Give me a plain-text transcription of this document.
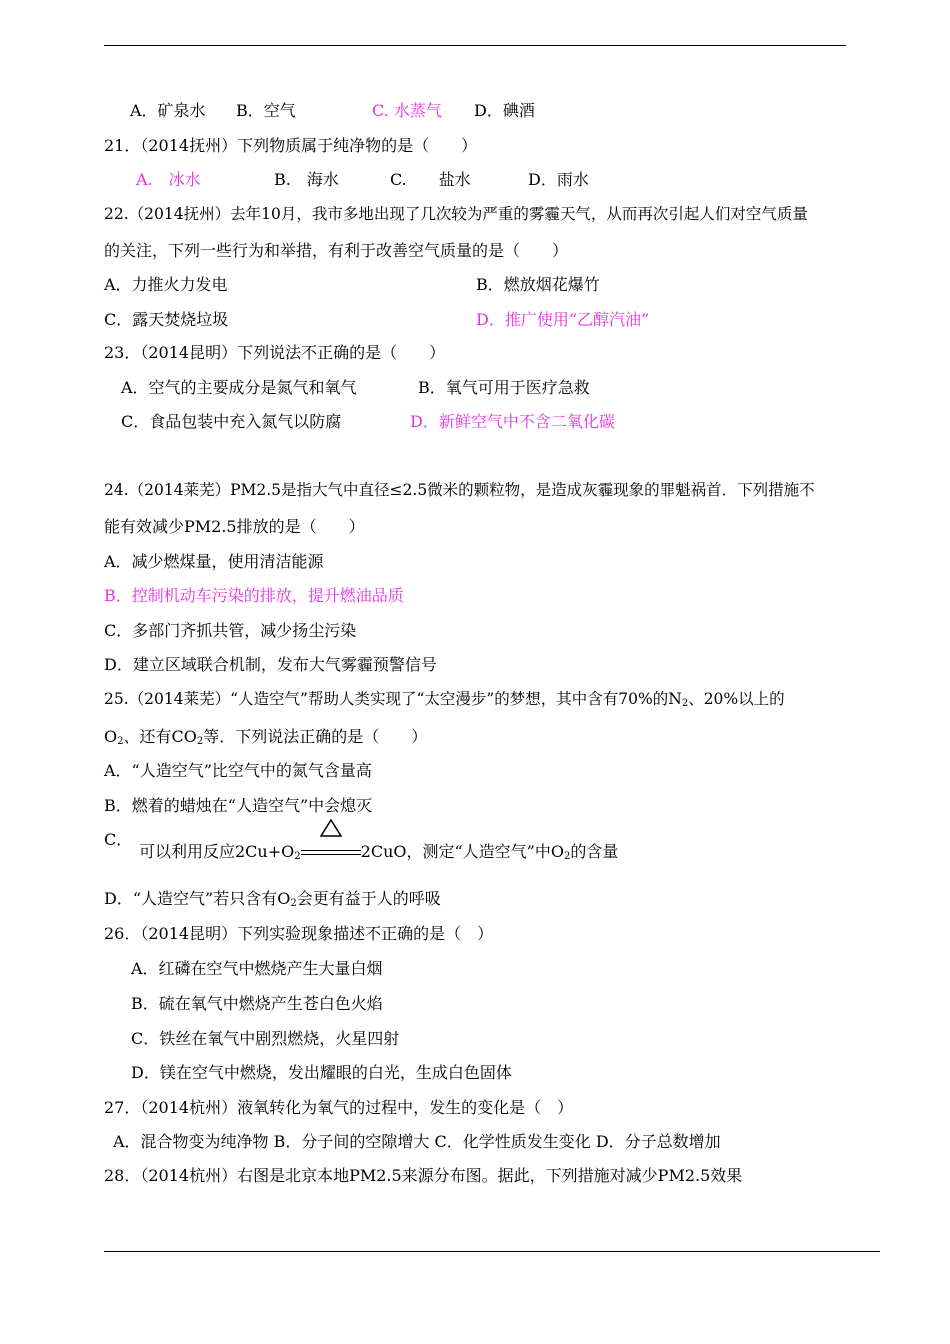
A．矿泉水 B．空气	C. 水蒸气 D．碘酒
21．（2014抚州）下列物质属于纯净物的是（　　）
A.　冰水	B.　海水	C.　　盐水	D．雨水
22.（2014抚州）去年10月，我市多地出现了几次较为严重的雾霾天气，从而再次引起人们对空气质量
的关注，下列一些行为和举措，有利于改善空气质量的是（　　）
A．力推火力发电	B．燃放烟花爆竹
C．露天焚烧垃圾	D．推广使用“乙醇汽油”
23．（2014昆明）下列说法不正确的是（　　）
A．空气的主要成分是氮气和氧气	B．氧气可用于医疗急救
C．食品包装中充入氮气以防腐	D．新鲜空气中不含二氧化碳
24.（2014莱芜）PM2.5是指大气中直径≤2.5微米的颗粒物，是造成灰霾现象的罪魁祸首．下列措施不
能有效减少PM2.5排放的是（　　）
A．减少燃煤量，使用清洁能源
B．控制机动车污染的排放，提升燃油品质
C．多部门齐抓共管，减少扬尘污染
D．建立区域联合机制，发布大气雾霾预警信号
25.（2014莱芜）“人造空气”帮助人类实现了“太空漫步”的梦想，其中含有70%的$N_2$、20%以上的
$O_2$、还有$CO_2$等．下列说法正确的是（　　）
A．“人造空气”比空气中的氮气含量高
B．燃着的蜡烛在“人造空气”中会熄灭
C．
可以利用反应$2Cu+O_2$	2CuO，测定“人造空气”中$O_2$的含量
D．“人造空气”若只含有$O_2$会更有益于人的呼吸
26．（2014昆明）下列实验现象描述不正确的是（　）
A．红磷在空气中燃烧产生大量白烟
B．硫在氧气中燃烧产生苍白色火焰
C．铁丝在氧气中剧烈燃烧，火星四射
D．镁在空气中燃烧，发出耀眼的白光，生成白色固体
27．（2014杭州）液氧转化为氧气的过程中，发生的变化是（　）
A．混合物变为纯净物 B．分子间的空隙增大 C．化学性质发生变化 D．分子总数增加
28．（2014杭州）右图是北京本地PM2.5来源分布图。据此，下列措施对减少PM2.5效果
